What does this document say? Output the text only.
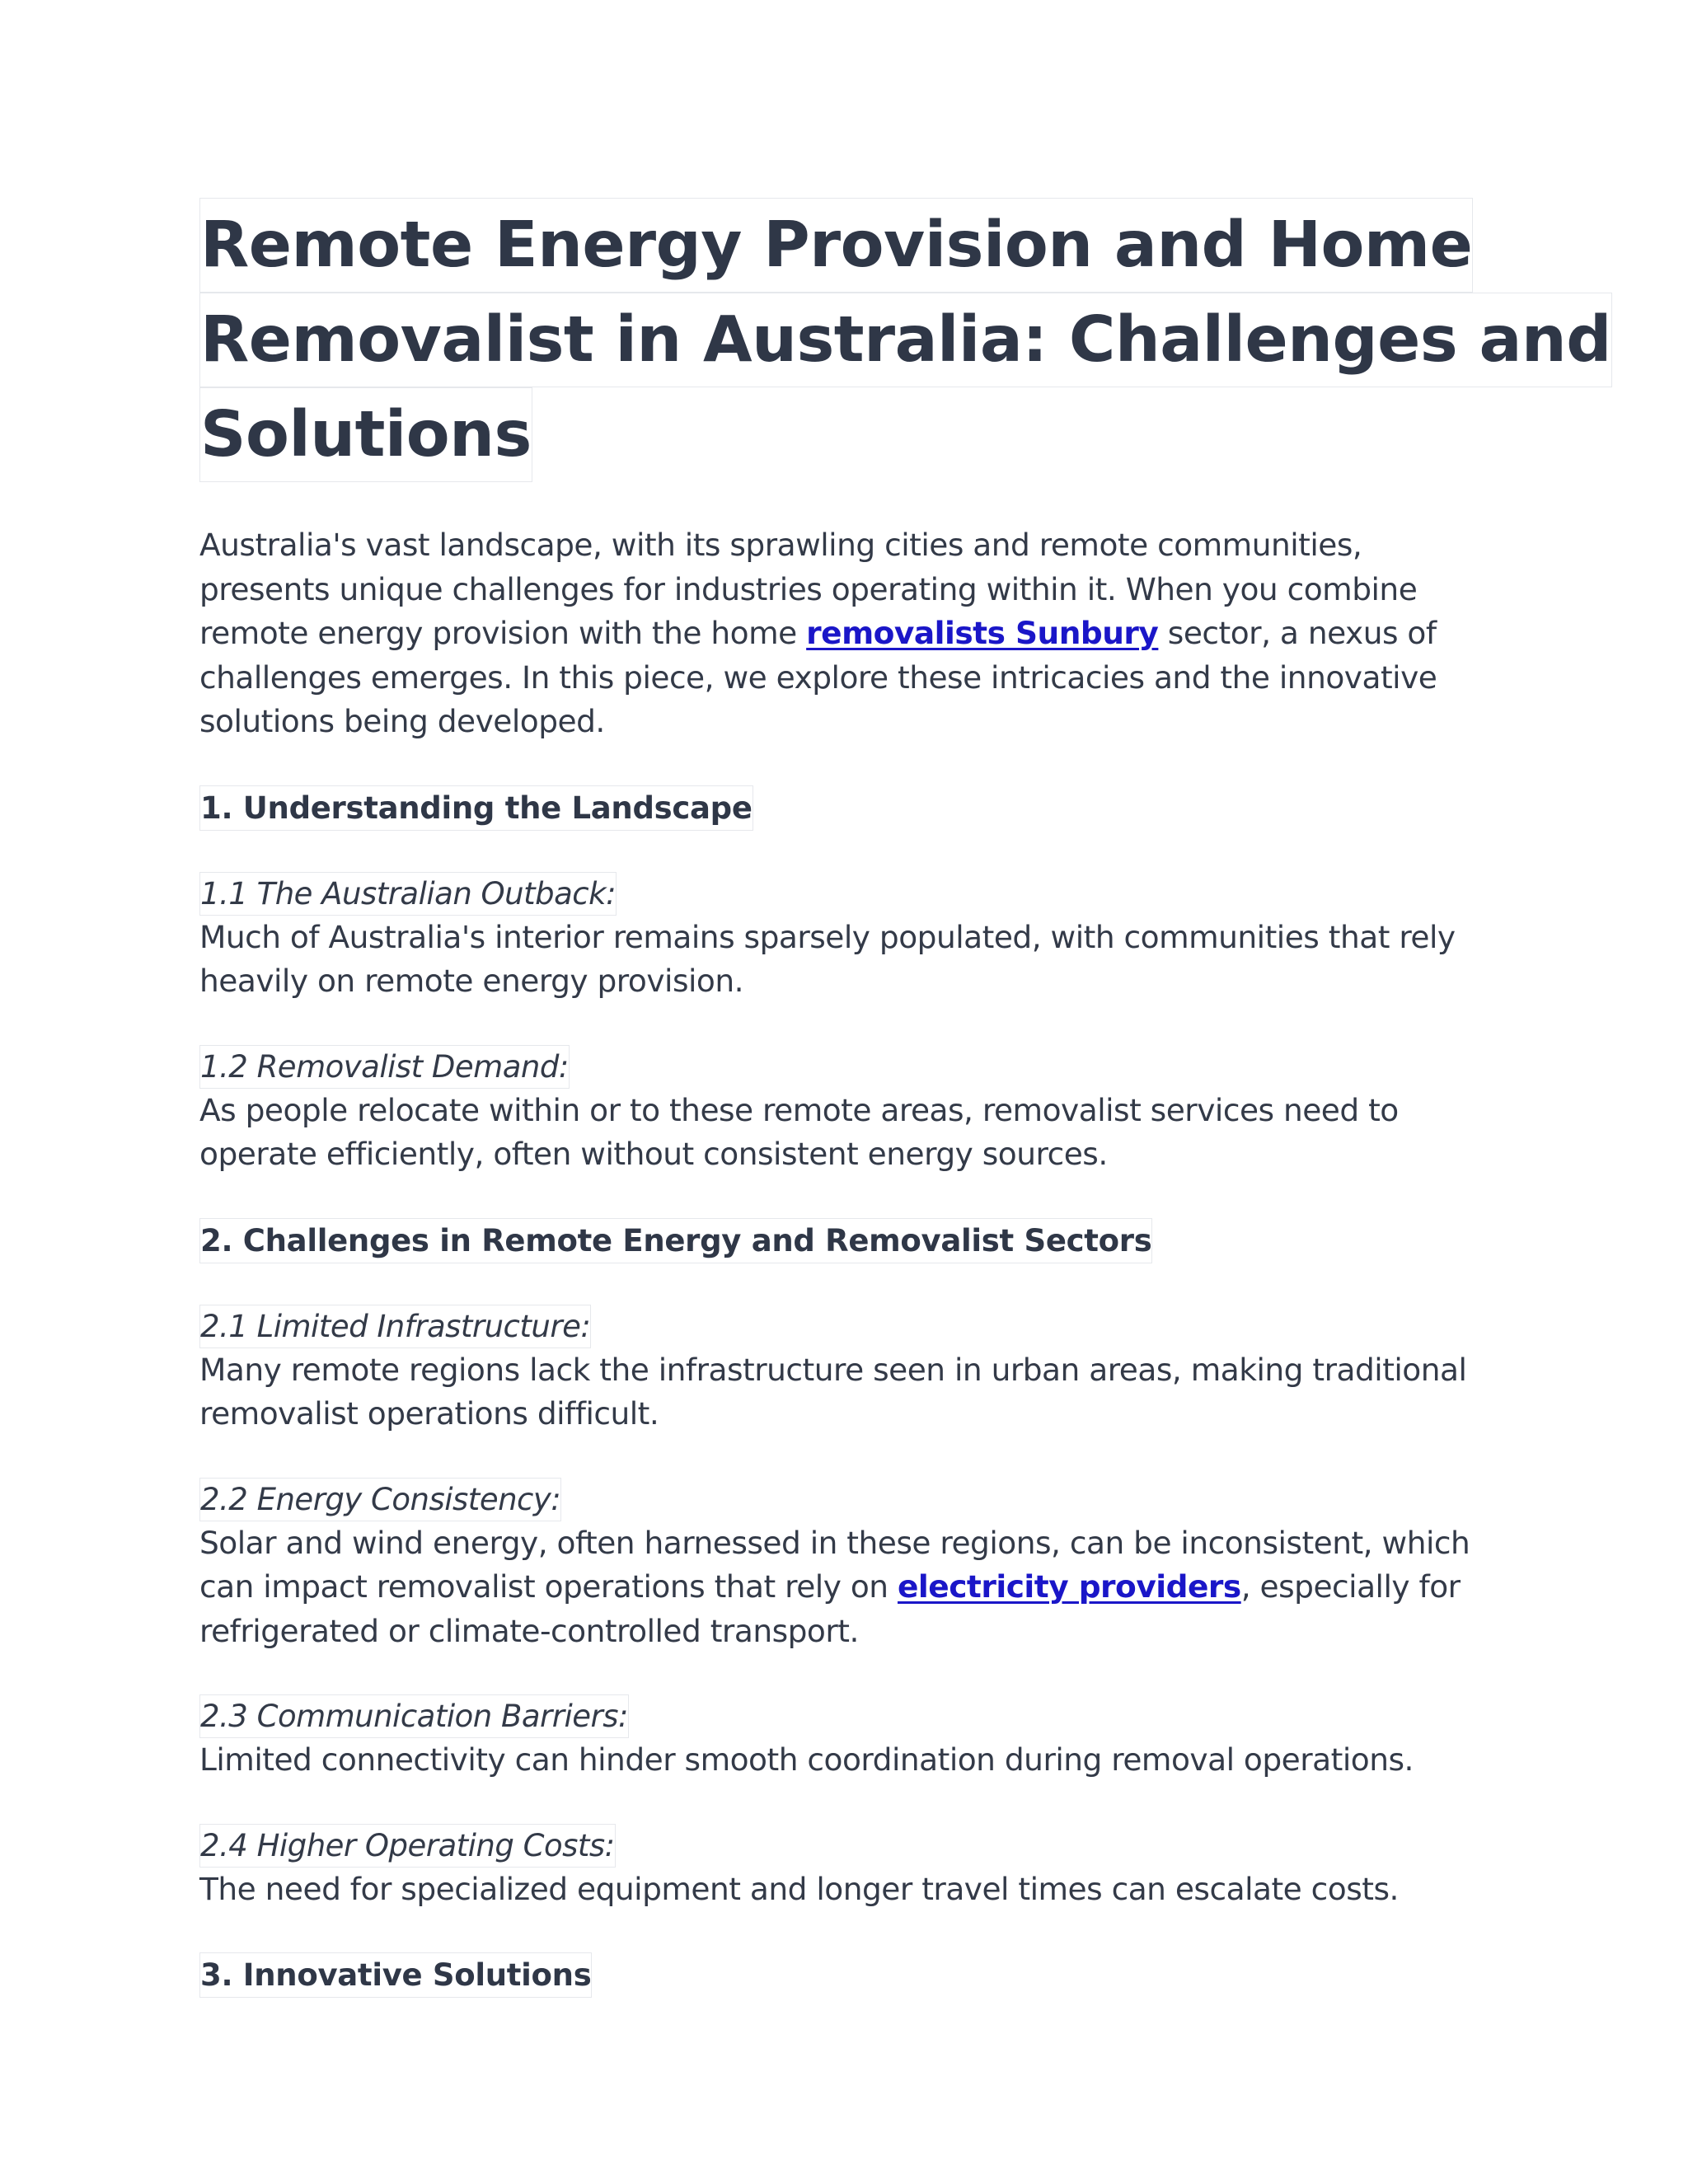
Remote Energy Provision and Home
Removalist in Australia: Challenges and
Solutions

Australia's vast landscape, with its sprawling cities and remote communities, presents unique challenges for industries operating within it. When you combine remote energy provision with the home removalists Sunbury sector, a nexus of challenges emerges. In this piece, we explore these intricacies and the innovative solutions being developed.

1. Understanding the Landscape
1.1 The Australian Outback:

Much of Australia's interior remains sparsely populated, with communities that rely heavily on remote energy provision.

1.2 Removalist Demand:

As people relocate within or to these remote areas, removalist services need to operate efficiently, often without consistent energy sources.

2. Challenges in Remote Energy and Removalist Sectors
2.1 Limited Infrastructure:

Many remote regions lack the infrastructure seen in urban areas, making traditional removalist operations difficult.

2.2 Energy Consistency:

Solar and wind energy, often harnessed in these regions, can be inconsistent, which can impact removalist operations that rely on electricity providers, especially for refrigerated or climate-controlled transport.

2.3 Communication Barriers:

Limited connectivity can hinder smooth coordination during removal operations.

2.4 Higher Operating Costs:

The need for specialized equipment and longer travel times can escalate costs.

3. Innovative Solutions
